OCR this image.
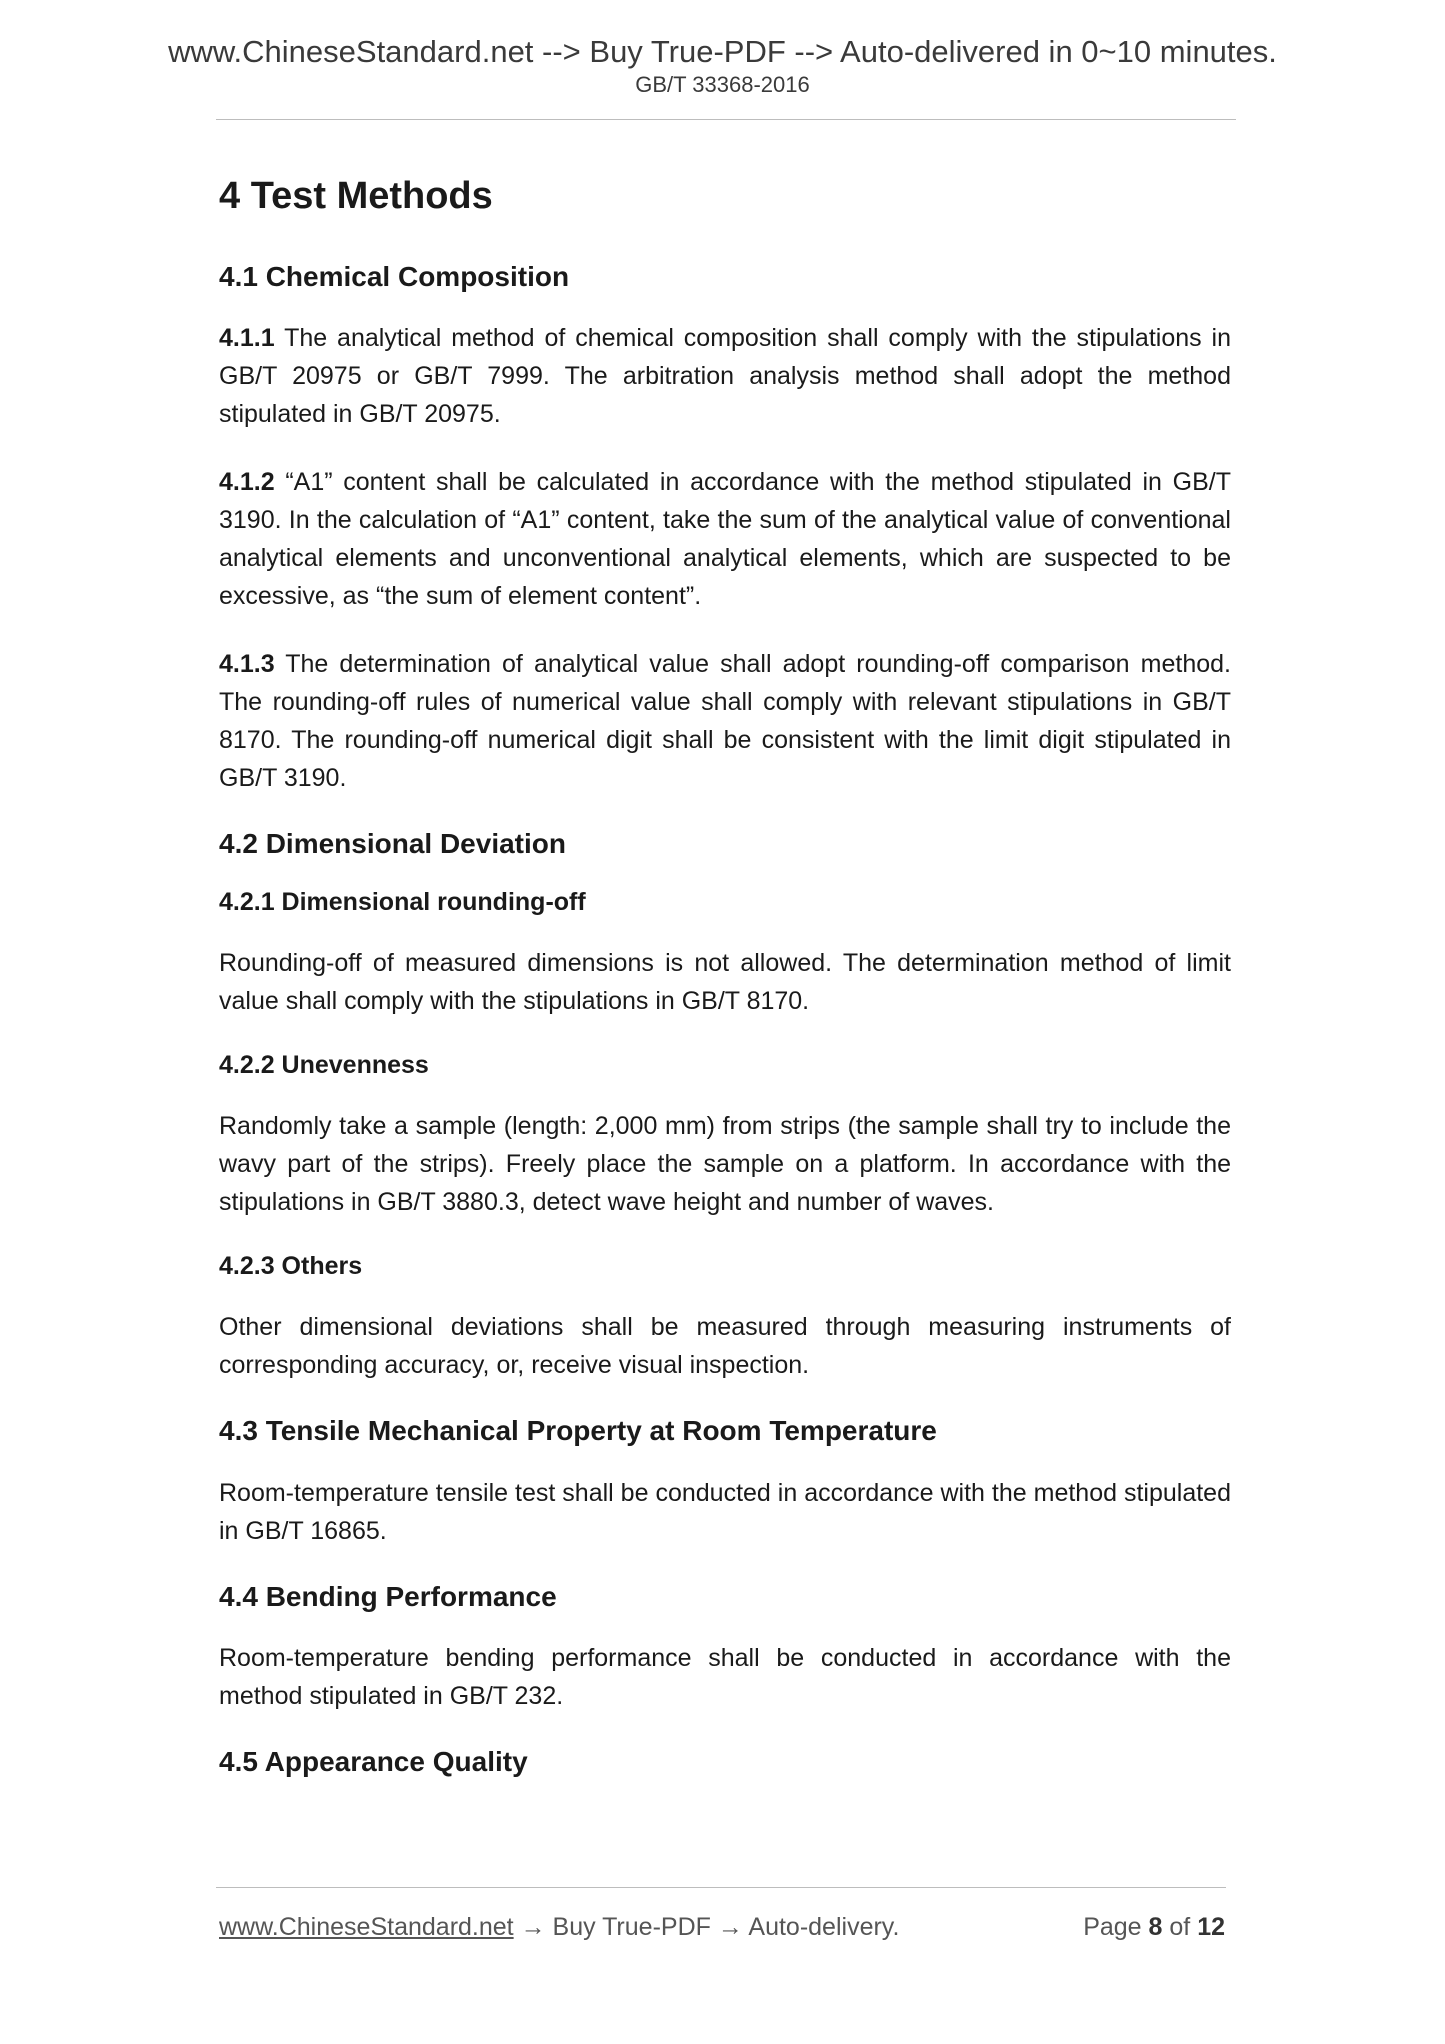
www.ChineseStandard.net --> Buy True-PDF --> Auto-delivered in 0~10 minutes.
GB/T 33368-2016
4 Test Methods
4.1 Chemical Composition

4.1.1 The analytical method of chemical composition shall comply with the stipulations in GB/T 20975 or GB/T 7999. The arbitration analysis method shall adopt the method stipulated in GB/T 20975.

4.1.2 “A1” content shall be calculated in accordance with the method stipulated in GB/T 3190. In the calculation of “A1” content, take the sum of the analytical value of conventional analytical elements and unconventional analytical elements, which are suspected to be excessive, as “the sum of element content”.

4.1.3 The determination of analytical value shall adopt rounding-off comparison method. The rounding-off rules of numerical value shall comply with relevant stipulations in GB/T 8170. The rounding-off numerical digit shall be consistent with the limit digit stipulated in GB/T 3190.

4.2 Dimensional Deviation
4.2.1 Dimensional rounding-off

Rounding-off of measured dimensions is not allowed. The determination method of limit value shall comply with the stipulations in GB/T 8170.

4.2.2 Unevenness

Randomly take a sample (length: 2,000 mm) from strips (the sample shall try to include the wavy part of the strips). Freely place the sample on a platform. In accordance with the stipulations in GB/T 3880.3, detect wave height and number of waves.

4.2.3 Others

Other dimensional deviations shall be measured through measuring instruments of corresponding accuracy, or, receive visual inspection.

4.3 Tensile Mechanical Property at Room Temperature

Room-temperature tensile test shall be conducted in accordance with the method stipulated in GB/T 16865.

4.4 Bending Performance

Room-temperature bending performance shall be conducted in accordance with the method stipulated in GB/T 232.

4.5 Appearance Quality
www.ChineseStandard.net → Buy True-PDF → Auto-delivery.	Page 8 of 12
